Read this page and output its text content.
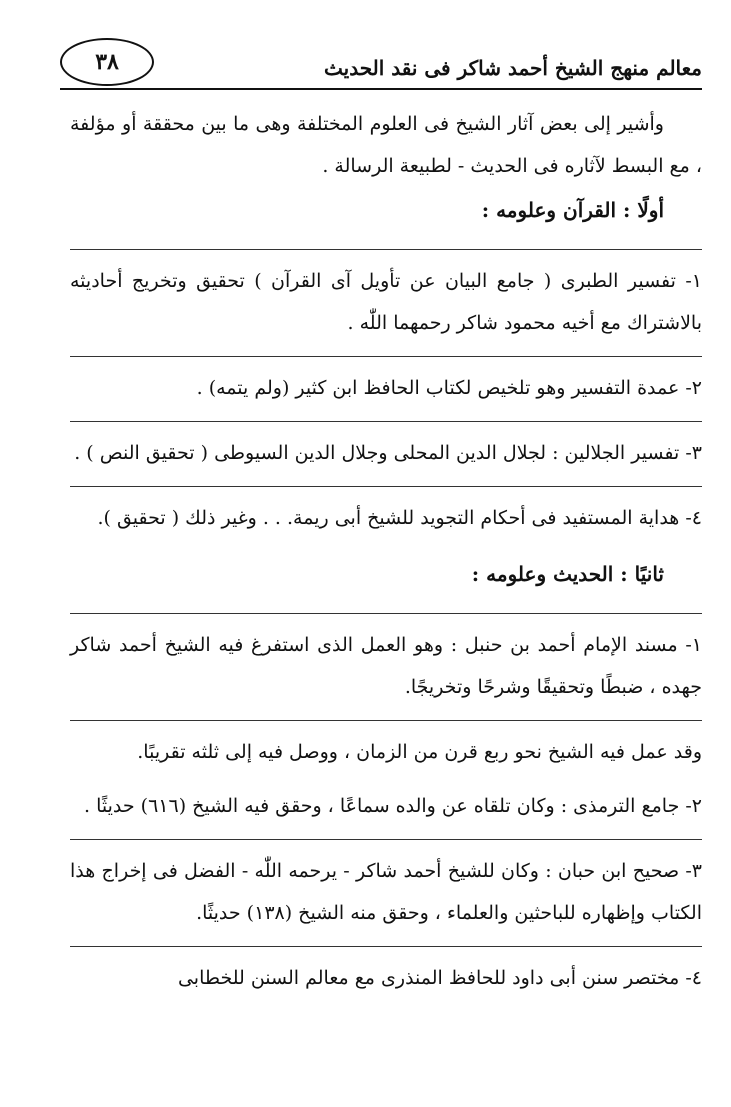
٣٨	معالم منهج الشيخ أحمد شاكر فى نقد الحديث

وأشير إلى بعض آثار الشيخ فى العلوم المختلفة وهى ما بين محققة أو مؤلفة ، مع البسط لآثاره فى الحديث - لطبيعة الرسالة .

أولًا : القرآن وعلومه :

١- تفسير الطبرى ( جامع البيان عن تأويل آى القرآن ) تحقيق وتخريج أحاديثه بالاشتراك مع أخيه محمود شاكر رحمهما اللّٰه .

٢- عمدة التفسير وهو تلخيص لكتاب الحافظ ابن كثير (ولم يتمه) .

٣- تفسير الجلالين : لجلال الدين المحلى وجلال الدين السيوطى ( تحقيق النص ) .

٤- هداية المستفيد فى أحكام التجويد للشيخ أبى ريمة. . . وغير ذلك ( تحقيق ).

ثانيًا : الحديث وعلومه :

١- مسند الإمام أحمد بن حنبل : وهو العمل الذى استفرغ فيه الشيخ أحمد شاكر جهده ، ضبطًا وتحقيقًا وشرحًا وتخريجًا.

وقد عمل فيه الشيخ نحو ربع قرن من الزمان ، ووصل فيه إلى ثلثه تقريبًا.

٢- جامع الترمذى : وكان تلقاه عن والده سماعًا ، وحقق فيه الشيخ (٦١٦) حديثًا .

٣- صحيح ابن حبان : وكان للشيخ أحمد شاكر - يرحمه اللّٰه - الفضل فى إخراج هذا الكتاب وإظهاره للباحثين والعلماء ، وحقق منه الشيخ (١٣٨) حديثًا.

٤- مختصر سنن أبى داود للحافظ المنذرى مع معالم السنن للخطابى
